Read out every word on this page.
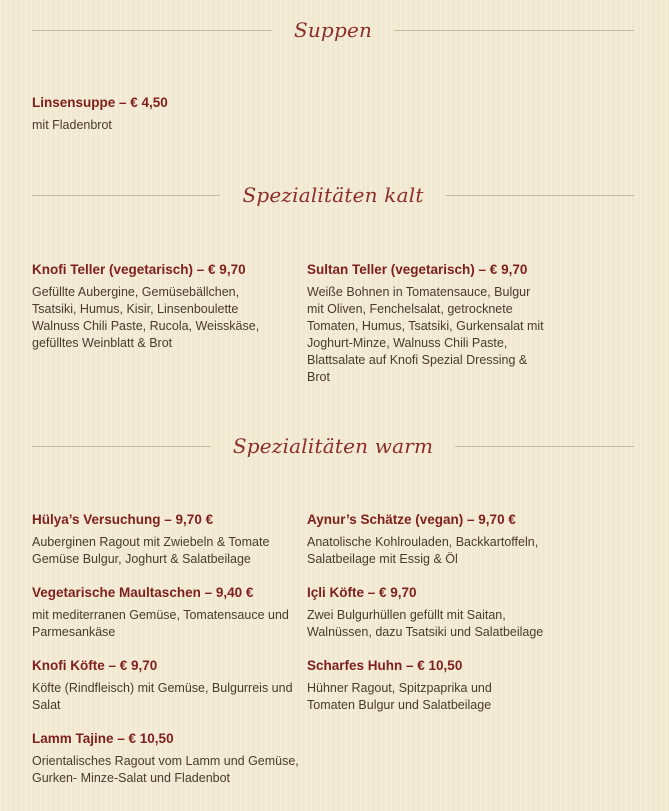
Suppen
Linsensuppe – € 4,50
mit Fladenbrot
Spezialitäten kalt
Knofi Teller (vegetarisch) – € 9,70
Gefüllte Aubergine, Gemüsebällchen, Tsatsiki, Humus, Kisir, Linsenboulette Walnuss Chili Paste, Rucola, Weisskäse, gefülltes Weinblatt & Brot
Sultan Teller (vegetarisch) – € 9,70
Weiße Bohnen in Tomatensauce, Bulgur mit Oliven, Fenchelsalat, getrocknete Tomaten, Humus, Tsatsiki, Gurkensalat mit Joghurt-Minze, Walnuss Chili Paste, Blattsalate auf Knofi Spezial Dressing & Brot
Spezialitäten warm
Hülya’s Versuchung – 9,70 €
Auberginen Ragout mit Zwiebeln & Tomate Gemüse Bulgur, Joghurt & Salatbeilage
Aynur’s Schätze (vegan) – 9,70 €
Anatolische Kohlrouladen, Backkartoffeln, Salatbeilage mit Essig & Öl
Vegetarische Maultaschen – 9,40 €
mit mediterranen Gemüse, Tomatensauce und Parmesankäse
Içli Köfte – € 9,70
Zwei Bulgurhüllen gefüllt mit Saitan, Walnüssen, dazu Tsatsiki und Salatbeilage
Knofi Köfte – € 9,70
Köfte (Rindfleisch) mit Gemüse, Bulgurreis und Salat
Scharfes Huhn – € 10,50
Hühner Ragout, Spitzpaprika und Tomaten Bulgur und Salatbeilage
Lamm Tajine – € 10,50
Orientalisches Ragout vom Lamm und Gemüse, Gurken- Minze-Salat und Fladenbot
